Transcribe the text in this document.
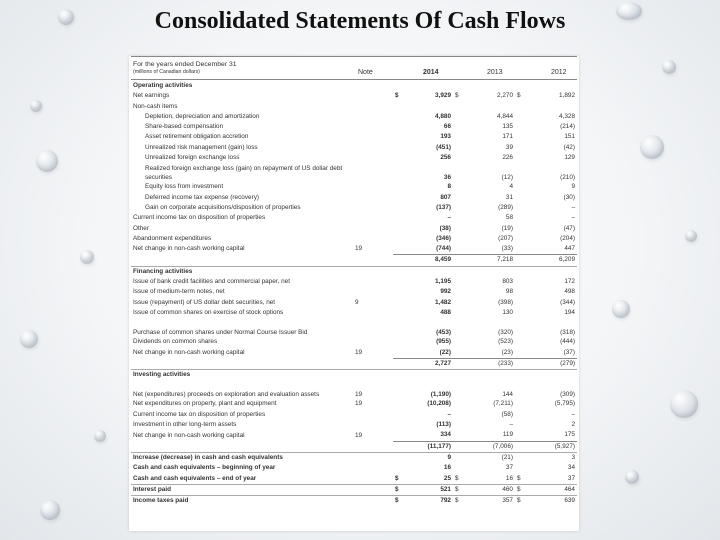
Consolidated Statements Of Cash Flows
For the years ended December 31
(millions of Canadian dollars)	Note	2014	2013	2012
Operating activities							
Net earnings		$	3,929	$	2,270	$	1,892
Non-cash items							
Depletion, depreciation and amortization			4,880		4,844		4,328
Share-based compensation			66		135		(214)
Asset retirement obligation accretion			193		171		151
Unrealized risk management (gain) loss			(451)		39		(42)
Unrealized foreign exchange loss			256		226		129
Realized foreign exchange loss (gain) on repayment of US dollar debt securities			36		(12)		(210)
Equity loss from investment			8		4		9
Deferred income tax expense (recovery)			807		31		(30)
Gain on corporate acquisitions/disposition of properties			(137)		(289)		–
Current income tax on disposition of properties			–		58		–
Other			(38)		(19)		(47)
Abandonment expenditures			(346)		(207)		(204)
Net change in non-cash working capital	19		(744)		(33)		447
			8,459		7,218		6,209
Financing activities							
Issue of bank credit facilities and commercial paper, net			1,195		803		172
Issue of medium-term notes, net			992		98		498
Issue (repayment) of US dollar debt securities, net	9		1,482		(398)		(344)
Issue of common shares on exercise of stock options			488		130		194
Purchase of common shares under Normal Course Issuer Bid			(453)		(320)		(318)
Dividends on common shares			(955)		(523)		(444)
Net change in non-cash working capital	19		(22)		(23)		(37)
			2,727		(233)		(279)
Investing activities							
Net (expenditures) proceeds on exploration and evaluation assets	19		(1,190)		144		(309)
Net expenditures on property, plant and equipment	19		(10,208)		(7,211)		(5,795)
Current income tax on disposition of properties			–		(58)		–
Investment in other long-term assets			(113)		–		2
Net change in non-cash working capital	19		334		119		175
			(11,177)		(7,006)		(5,927)
Increase (decrease) in cash and cash equivalents			9		(21)		3
Cash and cash equivalents – beginning of year			16		37		34
Cash and cash equivalents – end of year		$	25	$	16	$	37
Interest paid		$	521	$	460	$	464
Income taxes paid		$	792	$	357	$	639
